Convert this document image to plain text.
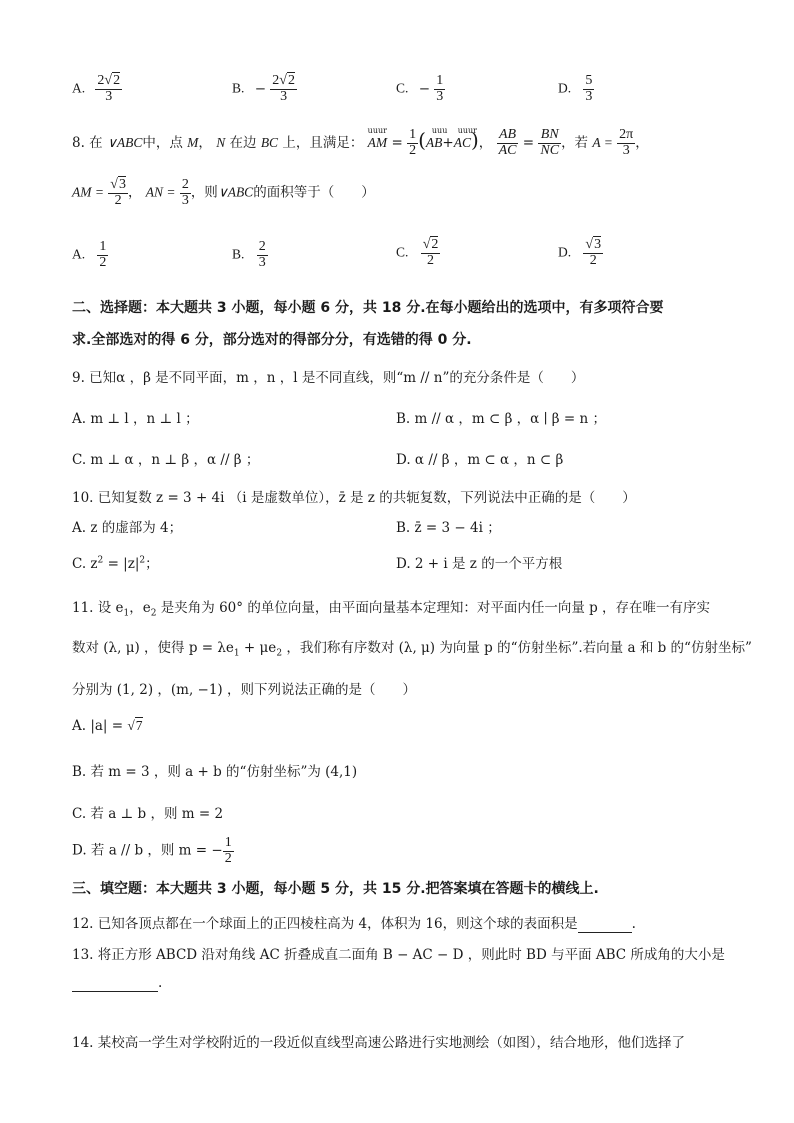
A. $\frac{2√2}{3}$	B. − $\frac{2√2}{3}$	C. − $\frac{1}{3}$	D. $\frac{5}{3}$
8. 在 ∨ABC中，点 M， N 在边 BC 上，且满足：
uuur
AM = $\frac{1}{2}$ ( uuu
AB+
uuur
AC)， $\frac{AB}{AC} = \frac{BN}{NC}$ ，若 $A = \frac{2\pi}{3}$ ，
AM = $\frac{√3}{2}$ ， AN = $\frac{2}{3}$ ，则∨ABC的面积等于（　　）
A. $\frac{1}{2}$	B. $\frac{2}{3}$	C. $\frac{√2}{2}$	D. $\frac{√3}{2}$
二、选择题：本大题共 3 小题，每小题 6 分，共 18 分.在每小题给出的选项中，有多项符合要
求.全部选对的得 6 分，部分选对的得部分分，有选错的得 0 分.
9. 已知α ，β 是不同平面，m ，n ，l 是不同直线，则“m // n”的充分条件是（　　）
A. m ⊥ l ，n ⊥ l ；	B. m // α ，m ⊂ β ，α ∣ β = n ；
C. m ⊥ α ，n ⊥ β ，α // β ；	D. α // β ，m ⊂ α ，n ⊂ β
10. 已知复数 z = 3 + 4i （i 是虚数单位），z̄ 是 z 的共轭复数，下列说法中正确的是（　　）
A. z 的虚部为 4；	B. z̄ = 3 − 4i ；
C. $z^2 = |z|^2$；	D. 2 + i 是 z 的一个平方根
11. 设 $e_1$，$e_2$ 是夹角为 60° 的单位向量，由平面向量基本定理知：对平面内任一向量 p ，存在唯一有序实
数对 (λ, μ) ，使得 $p = \lambda e_1 + \mu e_2$ ，我们称有序数对 (λ, μ) 为向量 p 的“仿射坐标”.若向量 a 和 b 的“仿射坐标”
分别为 (1, 2) ，(m, −1) ，则下列说法正确的是（　　）
A. |a| = √7
B. 若 m = 3 ，则 a + b 的“仿射坐标”为 (4,1)
C. 若 a ⊥ b ，则 m = 2
D. 若 a // b ，则 m = − $\frac{1}{2}$
三、填空题：本大题共 3 小题，每小题 5 分，共 15 分.把答案填在答题卡的横线上.
12. 已知各顶点都在一个球面上的正四棱柱高为 4，体积为 16，则这个球的表面积是	.
13. 将正方形 ABCD 沿对角线 AC 折叠成直二面角 B − AC − D ，则此时 BD 与平面 ABC 所成角的大小是
.
14. 某校高一学生对学校附近的一段近似直线型高速公路进行实地测绘（如图），结合地形，他们选择了
